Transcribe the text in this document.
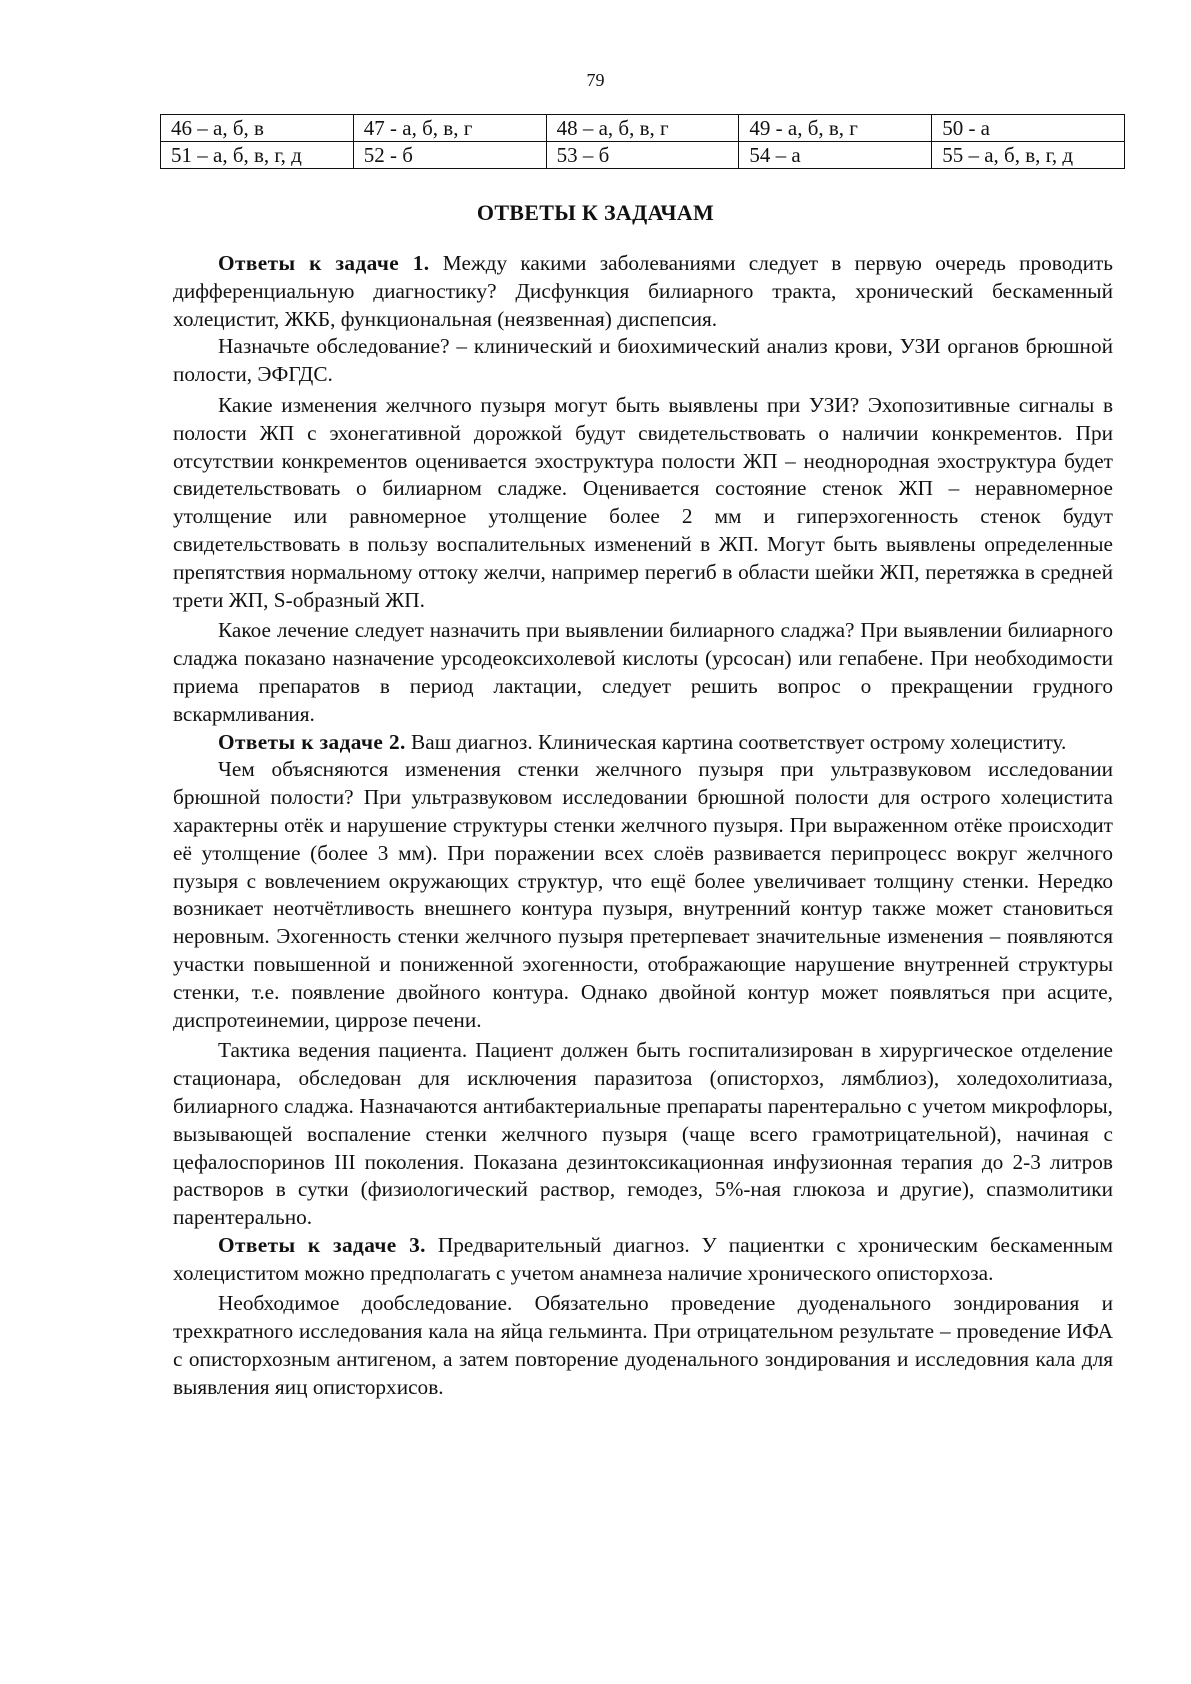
79
46 – а, б, в	47 - а, б, в, г	48 – а, б, в, г	49 - а, б, в, г	50 - а
51 – а, б, в, г, д	52 - б	53 – б	54 – а	55 – а, б, в, г, д
ОТВЕТЫ К ЗАДАЧАМ

Ответы к задаче 1. Между какими заболеваниями следует в первую очередь проводить дифференциальную диагностику? Дисфункция билиарного тракта, хронический бескаменный холецистит, ЖКБ, функциональная (неязвенная) диспепсия.

Назначьте обследование? – клинический и биохимический анализ крови, УЗИ органов брюшной полости, ЭФГДС.

Какие изменения желчного пузыря могут быть выявлены при УЗИ? Эхопозитивные сигналы в полости ЖП с эхонегативной дорожкой будут свидетельствовать о наличии конкрементов. При отсутствии конкрементов оценивается эхоструктура полости ЖП – неоднородная эхоструктура будет свидетельствовать о билиарном сладже. Оценивается состояние стенок ЖП – неравномерное утолщение или равномерное утолщение более 2 мм и гиперэхогенность стенок будут свидетельствовать в пользу воспалительных изменений в ЖП. Могут быть выявлены определенные препятствия нормальному оттоку желчи, например перегиб в области шейки ЖП, перетяжка в средней трети ЖП, S-образный ЖП.

Какое лечение следует назначить при выявлении билиарного сладжа? При выявлении билиарного сладжа показано назначение урсодеоксихолевой кислоты (урсосан) или гепабене. При необходимости приема препаратов в период лактации, следует решить вопрос о прекращении грудного вскармливания.

Ответы к задаче 2. Ваш диагноз. Клиническая картина соответствует острому холециститу.

Чем объясняются изменения стенки желчного пузыря при ультразвуковом исследовании брюшной полости? При ультразвуковом исследовании брюшной полости для острого холецистита характерны отёк и нарушение структуры стенки желчного пузыря. При выраженном отёке происходит её утолщение (более 3 мм). При поражении всех слоёв развивается перипроцесс вокруг желчного пузыря с вовлечением окружающих структур, что ещё более увеличивает толщину стенки. Нередко возникает неотчётливость внешнего контура пузыря, внутренний контур также может становиться неровным. Эхогенность стенки желчного пузыря претерпевает значительные изменения – появляются участки повышенной и пониженной эхогенности, отображающие нарушение внутренней структуры стенки, т.е. появление двойного контура. Однако двойной контур может появляться при асците, диспротеинемии, циррозе печени.

Тактика ведения пациента. Пациент должен быть госпитализирован в хирургическое отделение стационара, обследован для исключения паразитоза (описторхоз, лямблиоз), холедохолитиаза, билиарного сладжа. Назначаются антибактериальные препараты парентерально с учетом микрофлоры, вызывающей воспаление стенки желчного пузыря (чаще всего грамотрицательной), начиная с цефалоспоринов III поколения. Показана дезинтоксикационная инфузионная терапия до 2-3 литров растворов в сутки (физиологический раствор, гемодез, 5%-ная глюкоза и другие), спазмолитики парентерально.

Ответы к задаче 3. Предварительный диагноз. У пациентки с хроническим бескаменным холециститом можно предполагать с учетом анамнеза наличие хронического описторхоза.

Необходимое дообследование. Обязательно проведение дуоденального зондирования и трехкратного исследования кала на яйца гельминта. При отрицательном результате – проведение ИФА с описторхозным антигеном, а затем повторение дуоденального зондирования и исследовния кала для выявления яиц описторхисов.
